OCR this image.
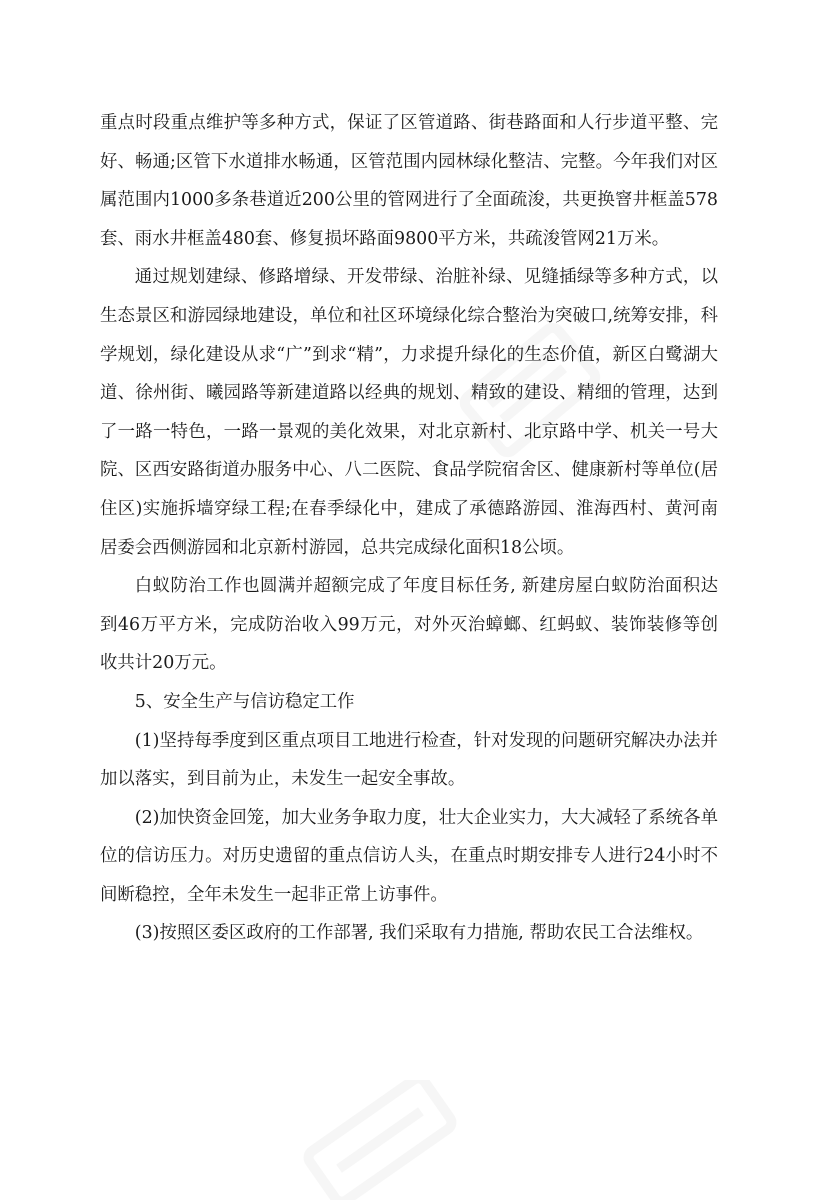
重点时段重点维护等多种方式，保证了区管道路、街巷路面和人行步道平整、完好、畅通;区管下水道排水畅通，区管范围内园林绿化整洁、完整。今年我们对区属范围内1000多条巷道近200公里的管网进行了全面疏浚，共更换窨井框盖578套、雨水井框盖480套、修复损坏路面9800平方米，共疏浚管网21万米。

通过规划建绿、修路增绿、开发带绿、治脏补绿、见缝插绿等多种方式，以生态景区和游园绿地建设，单位和社区环境绿化综合整治为突破口,统筹安排，科学规划，绿化建设从求“广”到求“精”，力求提升绿化的生态价值，新区白鹭湖大道、徐州街、曦园路等新建道路以经典的规划、精致的建设、精细的管理，达到了一路一特色，一路一景观的美化效果，对北京新村、北京路中学、机关一号大院、区西安路街道办服务中心、八二医院、食品学院宿舍区、健康新村等单位(居住区)实施拆墙穿绿工程;在春季绿化中，建成了承德路游园、淮海西村、黄河南居委会西侧游园和北京新村游园，总共完成绿化面积18公顷。

白蚁防治工作也圆满并超额完成了年度目标任务, 新建房屋白蚁防治面积达到46万平方米，完成防治收入99万元，对外灭治蟑螂、红蚂蚁、装饰装修等创收共计20万元。

5、安全生产与信访稳定工作

(1)坚持每季度到区重点项目工地进行检查，针对发现的问题研究解决办法并加以落实，到目前为止，未发生一起安全事故。

(2)加快资金回笼，加大业务争取力度，壮大企业实力，大大减轻了系统各单位的信访压力。对历史遗留的重点信访人头，在重点时期安排专人进行24小时不间断稳控，全年未发生一起非正常上访事件。

(3)按照区委区政府的工作部署, 我们采取有力措施, 帮助农民工合法维权。
